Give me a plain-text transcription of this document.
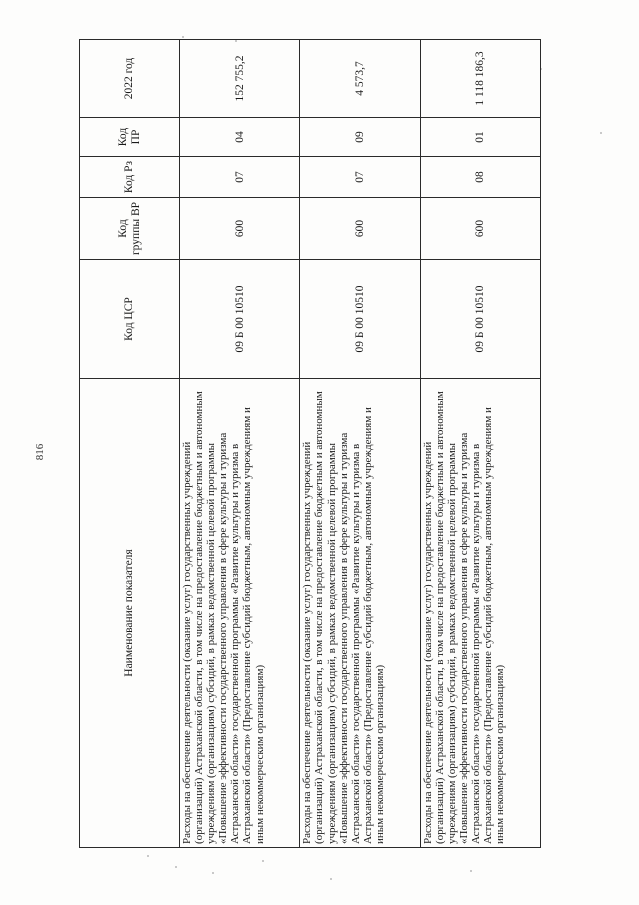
816
Наименование показателя	Код ЦСР	Код группы ВР	Код Рз	Код ПР	2022 год
Расходы на обеспечение деятельности (оказание услуг) государственных учреждений (организаций) Астраханской области, в том числе на предоставление бюджетным и автономным учреждениям (организациям) субсидий, в рамках ведомственной целевой программы «Повышение эффективности государственного управления в сфере культуры и туризма Астраханской области» государственной программы «Развитие культуры и туризма в Астраханской области» (Предоставление субсидий бюджетным, автономным учреждениям и иным некоммерческим организациям)	09 Б 00 10510	600	07	04	152 755,2
Расходы на обеспечение деятельности (оказание услуг) государственных учреждений (организаций) Астраханской области, в том числе на предоставление бюджетным и автономным учреждениям (организациям) субсидий, в рамках ведомственной целевой программы «Повышение эффективности государственного управления в сфере культуры и туризма Астраханской области» государственной программы «Развитие культуры и туризма в Астраханской области» (Предоставление субсидий бюджетным, автономным учреждениям и иным некоммерческим организациям)	09 Б 00 10510	600	07	09	4 573,7
Расходы на обеспечение деятельности (оказание услуг) государственных учреждений (организаций) Астраханской области, в том числе на предоставление бюджетным и автономным учреждениям (организациям) субсидий, в рамках ведомственной целевой программы «Повышение эффективности государственного управления в сфере культуры и туризма Астраханской области» государственной программы «Развитие культуры и туризма в Астраханской области» (Предоставление субсидий бюджетным, автономным учреждениям и иным некоммерческим организациям)	09 Б 00 10510	600	08	01	1 118 186,3
